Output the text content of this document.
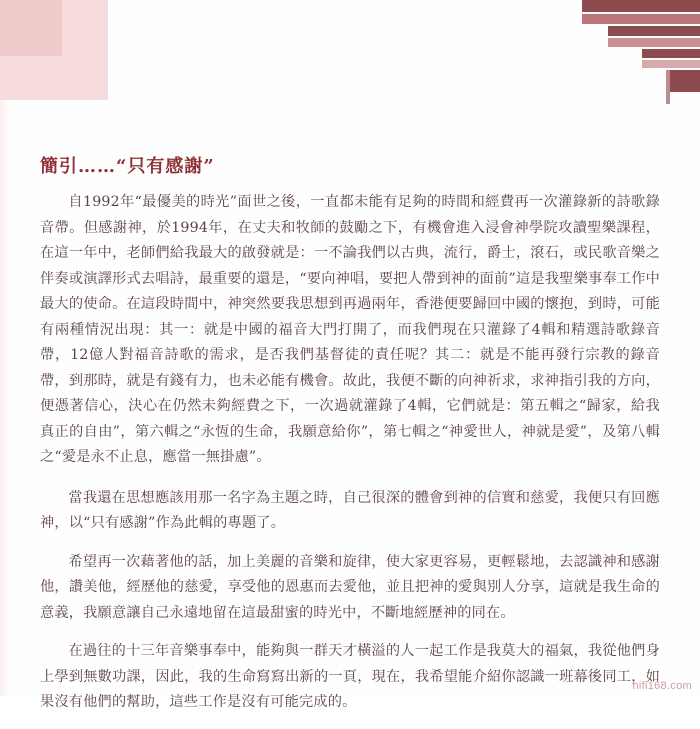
簡引……“只有感謝”

自1992年“最優美的時光”面世之後，一直都未能有足夠的時間和經費再一次灌錄新的詩歌錄音帶。但感謝神，於1994年，在丈夫和牧師的鼓勵之下，有機會進入浸會神學院攻讀聖樂課程，在這一年中，老師們給我最大的啟發就是：一不論我們以古典，流行，爵士，滾石，或民歌音樂之伴奏或演譯形式去唱詩，最重要的還是，“要向神唱，要把人帶到神的面前”這是我聖樂事奉工作中最大的使命。在這段時間中，神突然要我思想到再過兩年，香港便要歸回中國的懷抱，到時，可能有兩種情況出現：其一：就是中國的福音大門打開了，而我們現在只灌錄了4輯和精選詩歌錄音帶，12億人對福音詩歌的需求，是否我們基督徒的責任呢？其二：就是不能再發行宗教的錄音帶，到那時，就是有錢有力，也未必能有機會。故此，我便不斷的向神祈求，求神指引我的方向，便憑著信心，決心在仍然未夠經費之下，一次過就灌錄了4輯，它們就是：第五輯之“歸家，給我真正的自由”，第六輯之“永恆的生命，我願意給你”，第七輯之“神愛世人，神就是愛”，及第八輯之“愛是永不止息，應當一無掛慮”。

當我還在思想應該用那一名字為主題之時，自己很深的體會到神的信實和慈愛，我便只有回應神，以“只有感謝”作為此輯的專題了。

希望再一次藉著他的話，加上美麗的音樂和旋律，使大家更容易，更輕鬆地，去認識神和感謝他，讚美他，經歷他的慈愛，享受他的恩惠而去愛他，並且把神的愛與別人分享，這就是我生命的意義，我願意讓自己永遠地留在這最甜蜜的時光中，不斷地經歷神的同在。

在過往的十三年音樂事奉中，能夠與一群天才橫溢的人一起工作是我莫大的福氣，我從他們身上學到無數功課，因此，我的生命寫寫出新的一頁，現在，我希望能介紹你認識一班幕後同工，如果沒有他們的幫助，這些工作是沒有可能完成的。

hifi168.com
